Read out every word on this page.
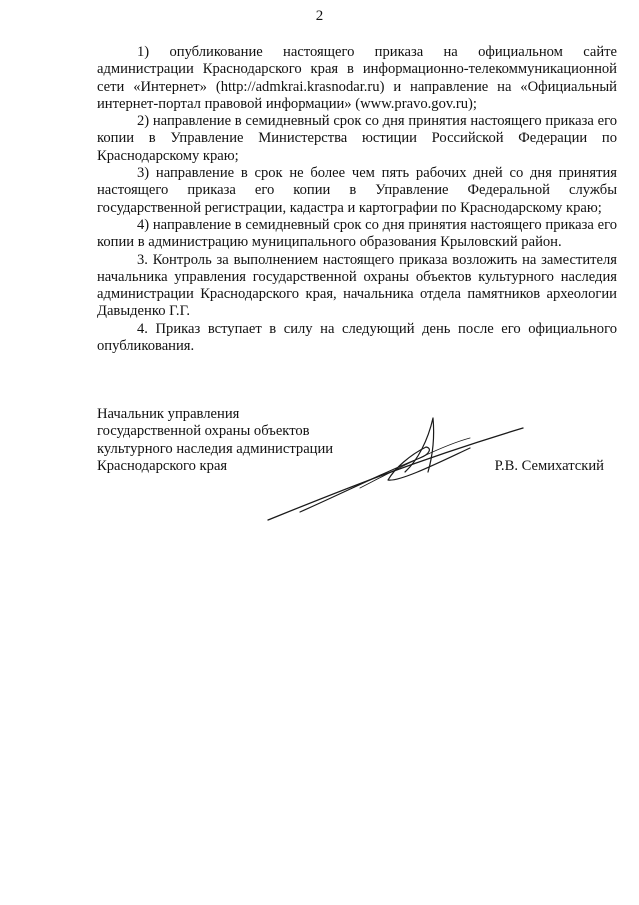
2

1) опубликование настоящего приказа на официальном сайте администрации Краснодарского края в информационно-телекоммуникационной сети «Интернет» (http://admkrai.krasnodar.ru) и направление на «Официальный интернет-портал правовой информации» (www.pravo.gov.ru);

2) направление в семидневный срок со дня принятия настоящего приказа его копии в Управление Министерства юстиции Российской Федерации по Краснодарскому краю;

3) направление в срок не более чем пять рабочих дней со дня принятия настоящего приказа его копии в Управление Федеральной службы государственной регистрации, кадастра и картографии по Краснодарскому краю;

4) направление в семидневный срок со дня принятия настоящего приказа его копии в администрацию муниципального образования Крыловский район.

3. Контроль за выполнением настоящего приказа возложить на заместителя начальника управления государственной охраны объектов культурного наследия администрации Краснодарского края, начальника отдела памятников археологии Давыденко Г.Г.

4. Приказ вступает в силу на следующий день после его официального опубликования.

Начальник управления
государственной охраны объектов
культурного наследия администрации
Краснодарского края	Р.В. Семихатский
